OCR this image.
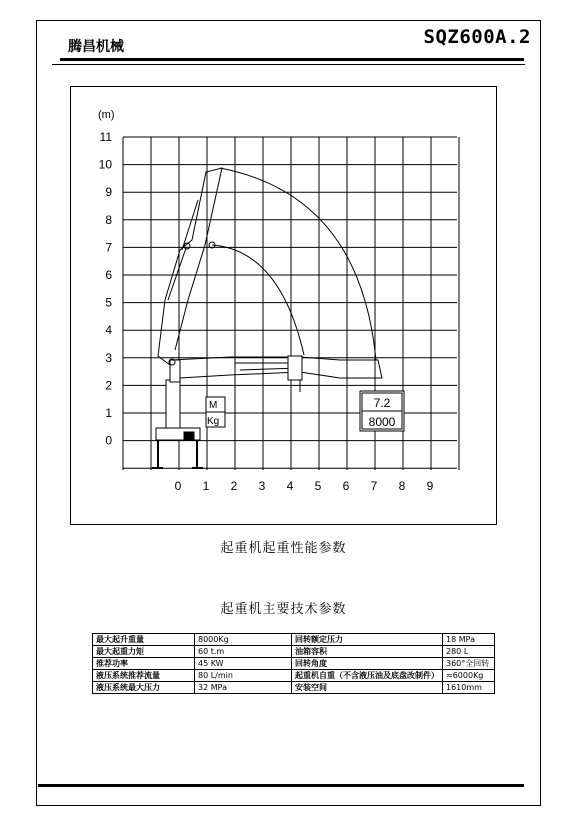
腾昌机械	SQZ600A.2
0
1
2
3
4
5
6
7
8
9
10
11
0 1 2 3 4 5 6 7 8 9
(m)
M
Kg
7.2
8000
起重机起重性能参数
起重机主要技术参数
最大起升重量	8000Kg	回转额定压力	18 MPa
最大起重力矩	60 t.m	油箱容积	280 L
推荐功率	45 KW	回转角度	360°全回转
液压系统推荐流量	80 L/min	起重机自重（不含液压油及底盘改制件）	≈6000Kg
液压系统最大压力	32 MPa	安装空间	1610mm
